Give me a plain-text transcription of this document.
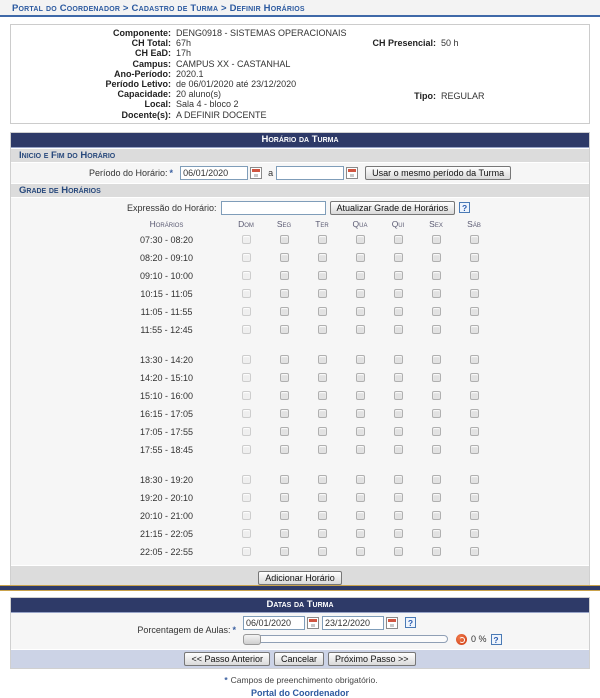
Portal do Coordenador > Cadastro de Turma > Definir Horários
Componente: DENG0918 - SISTEMAS OPERACIONAIS
CH Total: 67h
CH EaD: 17h
Campus: CAMPUS XX - CASTANHAL
Ano-Período: 2020.1
Período Letivo: de 06/01/2020 até 23/12/2020
Capacidade: 20 aluno(s)
Local: Sala 4 - bloco 2
Docente(s): A DEFINIR DOCENTE
CH Presencial: 50 h
Tipo: REGULAR
Horário da Turma
Inicio e Fim do Horário
Período do Horário: *
06/01/2020	a	Usar o mesmo período da Turma
Grade de Horários
Expressão do Horário:	Atualizar Grade de Horários	?
Horários	Dom	Seg	Ter	Qua	Qui	Sex	Sáb
07:30 - 08:20							
08:20 - 09:10							
09:10 - 10:00							
10:15 - 11:05							
11:05 - 11:55							
11:55 - 12:45							

13:30 - 14:20							
14:20 - 15:10							
15:10 - 16:00							
16:15 - 17:05							
17:05 - 17:55							
17:55 - 18:45							

18:30 - 19:20							
19:20 - 20:10							
20:10 - 21:00							
21:15 - 22:05							
22:05 - 22:55							
Adicionar Horário
Datas da Turma
Porcentagem de Aulas: *
06/01/2020
23/12/2020
?
0 % ?
<< Passo Anterior	Cancelar	Próximo Passo >>
* Campos de preenchimento obrigatório.
Portal do Coordenador
